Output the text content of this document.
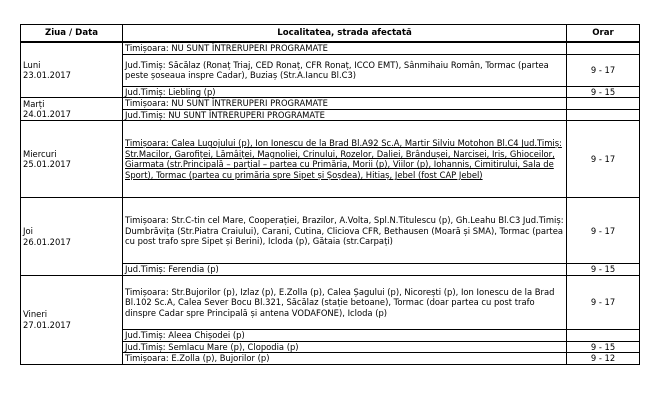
Ziua / Data	Localitatea, strada afectată	Orar

Luni
23.01.2017	Timișoara: NU SUNT ÎNTRERUPERI PROGRAMATE	
	Jud.Timiș: Săcălaz (Ronaț Triaj, CED Ronaț, CFR Ronaț, ICCO EMT), Sânmihaiu Român, Tormac (partea peste șoseaua inspre Cadar), Buziaș (Str.A.Iancu Bl.C3)	9 - 17
	Jud.Timiș: Liebling (p)	9 - 15

Marți
24.01.2017	Timișoara: NU SUNT ÎNTRERUPERI PROGRAMATE	
	Jud.Timiș: NU SUNT ÎNTRERUPERI PROGRAMATE	

Miercuri
25.01.2017	Timișoara: Calea Lugojului (p), Ion Ionescu de la Brad Bl.A92 Sc.A, Martir Silviu Motohon Bl.C4 Jud.Timiș: Str.Macilor, Garofiței, Lămâiței, Magnoliei, Crinului, Rozelor, Daliei, Brândușei, Narcisei, Iris, Ghioceilor, Giarmata (str.Principală – parțial – partea cu Primăria, Morii (p), Viilor (p), Iohannis, Cimitirului, Sala de Sport), Tormac (partea cu primăria spre Sipet și Șoșdea), Hitiaș, Jebel (fost CAP Jebel)	9 - 17

Joi
26.01.2017	Timișoara: Str.C-tin cel Mare, Cooperației, Brazilor, A.Volta, Spl.N.Titulescu (p), Gh.Leahu Bl.C3 Jud.Timiș: Dumbrăvița (Str.Piatra Craiului), Carani, Cutina, Cliciova CFR, Bethausen (Moară și SMA), Tormac (partea cu post trafo spre Sipet și Berini), Icloda (p), Gătaia (str.Carpați)	9 - 17
	Jud.Timiș: Ferendia (p)	9 - 15

Vineri
27.01.2017	Timișoara: Str.Bujorilor (p), Izlaz (p), E.Zolla (p), Calea Șagului (p), Nicorești (p), Ion Ionescu de la Brad Bl.102 Sc.A, Calea Sever Bocu Bl.321, Săcălaz (stație betoane), Tormac (doar partea cu post trafo dinspre Cadar spre Principală și antena VODAFONE), Icloda (p)	9 - 17
	Jud.Timiș: Aleea Chișodei (p)	
	Jud.Timiș: Semlacu Mare (p), Clopodia (p)	9 - 15
	Timișoara: E.Zolla (p), Bujorilor (p)	9 - 12
